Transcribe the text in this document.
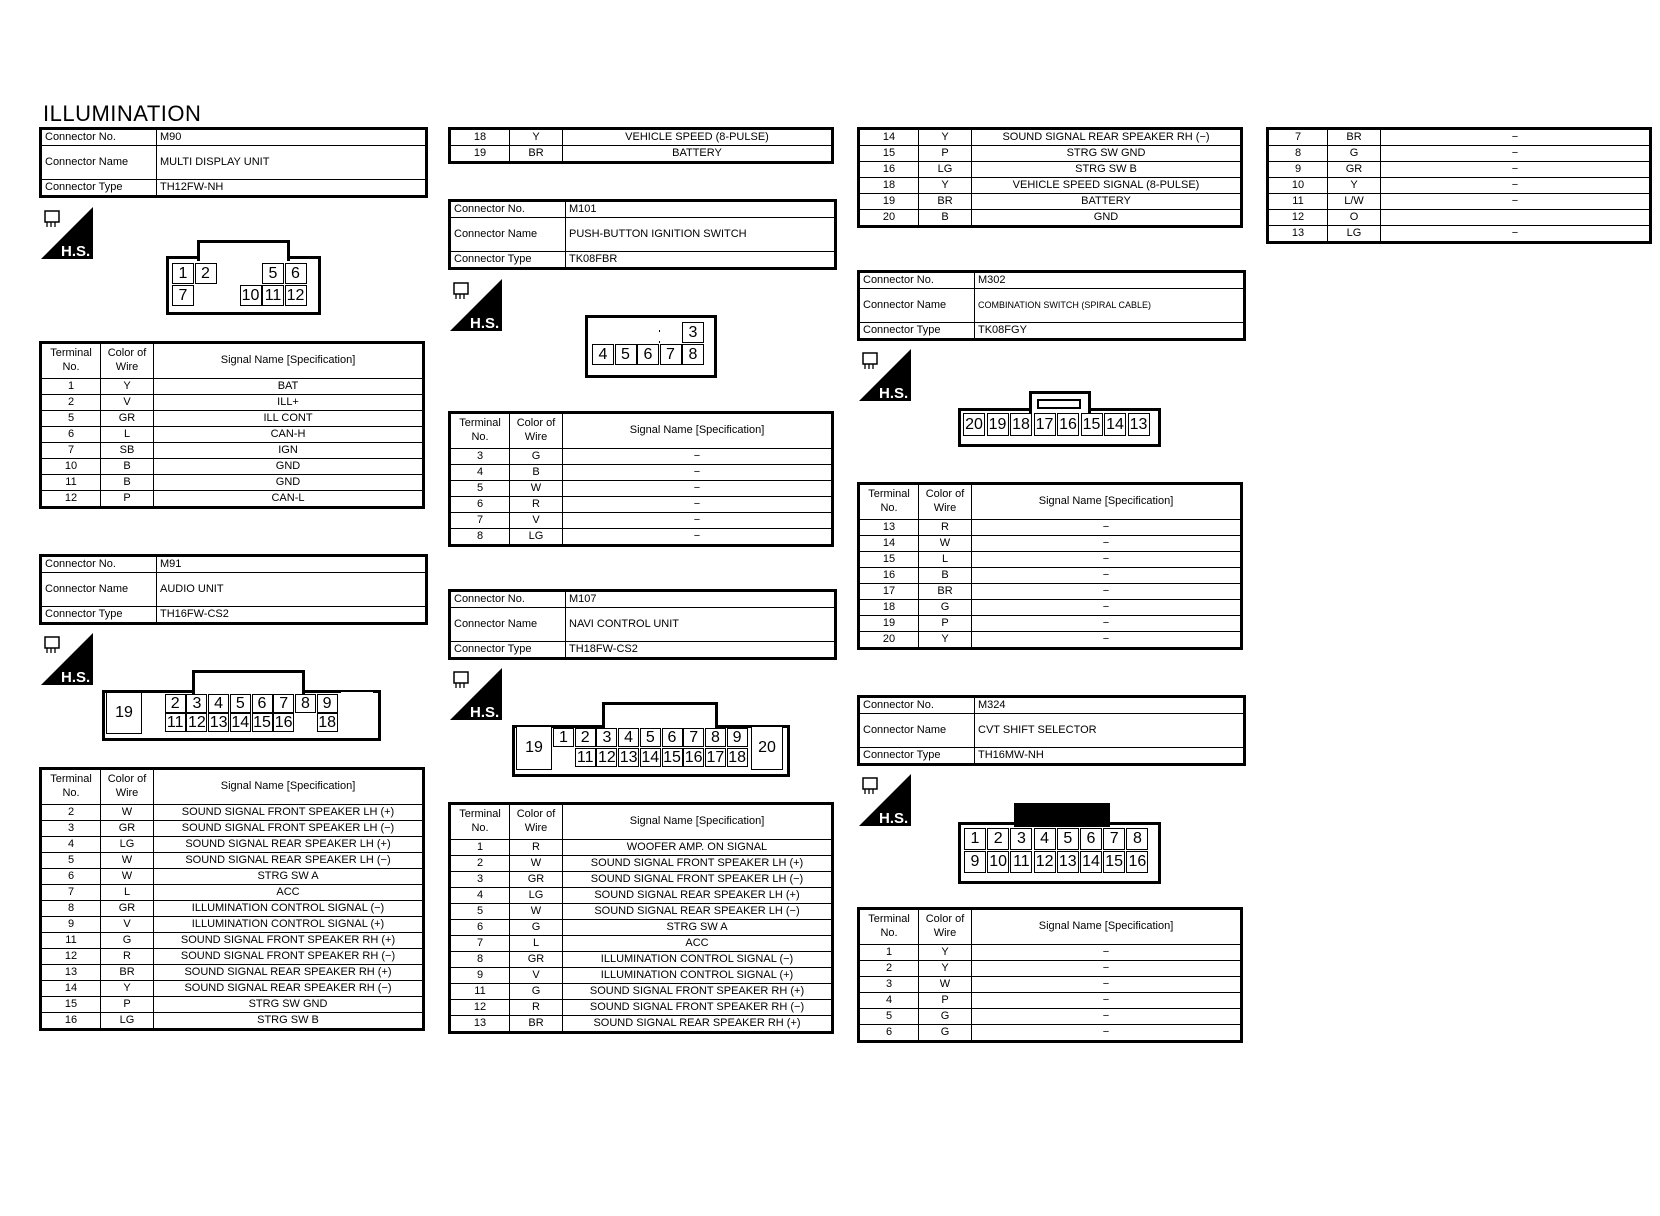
ILLUMINATION
Connector No.	M90
Connector Name	MULTI DISPLAY UNIT
Connector Type	TH12FW-NH
H.S.
1 2	5 6
7	10 11 12
Terminal No.	Color of Wire	Signal Name [Specification]
1	Y	BAT
2	V	ILL+
5	GR	ILL CONT
6	L	CAN-H
7	SB	IGN
10	B	GND
11	B	GND
12	P	CAN-L
Connector No.	M91
Connector Name	AUDIO UNIT
Connector Type	TH16FW-CS2
H.S.
19
2 3 4 5 6 7 8 9
11 12 13 14 15 16 18
Terminal No.	Color of Wire	Signal Name [Specification]
2	W	SOUND SIGNAL FRONT SPEAKER LH (+)
3	GR	SOUND SIGNAL FRONT SPEAKER LH (−)
4	LG	SOUND SIGNAL REAR SPEAKER LH (+)
5	W	SOUND SIGNAL REAR SPEAKER LH (−)
6	W	STRG SW A
7	L	ACC
8	GR	ILLUMINATION CONTROL SIGNAL (−)
9	V	ILLUMINATION CONTROL SIGNAL (+)
11	G	SOUND SIGNAL FRONT SPEAKER RH (+)
12	R	SOUND SIGNAL FRONT SPEAKER RH (−)
13	BR	SOUND SIGNAL REAR SPEAKER RH (+)
14	Y	SOUND SIGNAL REAR SPEAKER RH (−)
15	P	STRG SW GND
16	LG	STRG SW B
18	Y	VEHICLE SPEED (8-PULSE)
19	BR	BATTERY
Connector No.	M101
Connector Name	PUSH-BUTTON IGNITION SWITCH
Connector Type	TK08FBR
H.S.	3
4 5 6 7 8
Terminal No.	Color of Wire	Signal Name [Specification]
3	G	−
4	B	−
5	W	−
6	R	−
7	V	−
8	LG	−
Connector No.	M107
Connector Name	NAVI CONTROL UNIT
Connector Type	TH18FW-CS2
H.S.
19
1 2 3 4 5 6 7 8 9
11 12 13 14 15 16 17 18
20
Terminal No.	Color of Wire	Signal Name [Specification]
1	R	WOOFER AMP. ON SIGNAL
2	W	SOUND SIGNAL FRONT SPEAKER LH (+)
3	GR	SOUND SIGNAL FRONT SPEAKER LH (−)
4	LG	SOUND SIGNAL REAR SPEAKER LH (+)
5	W	SOUND SIGNAL REAR SPEAKER LH (−)
6	G	STRG SW A
7	L	ACC
8	GR	ILLUMINATION CONTROL SIGNAL (−)
9	V	ILLUMINATION CONTROL SIGNAL (+)
11	G	SOUND SIGNAL FRONT SPEAKER RH (+)
12	R	SOUND SIGNAL FRONT SPEAKER RH (−)
13	BR	SOUND SIGNAL REAR SPEAKER RH (+)
14	Y	SOUND SIGNAL REAR SPEAKER RH (−)
15	P	STRG SW GND
16	LG	STRG SW B
18	Y	VEHICLE SPEED SIGNAL (8-PULSE)
19	BR	BATTERY
20	B	GND
Connector No.	M302
Connector Name	COMBINATION SWITCH (SPIRAL CABLE)
Connector Type	TK08FGY
H.S.
20 19 18 17 16 15 14 13
Terminal No.	Color of Wire	Signal Name [Specification]
13	R	−
14	W	−
15	L	−
16	B	−
17	BR	−
18	G	−
19	P	−
20	Y	−
Connector No.	M324
Connector Name	CVT SHIFT SELECTOR
Connector Type	TH16MW-NH
H.S.
1 2 3 4 5 6 7 8
9 10 11 12 13 14 15 16
Terminal No.	Color of Wire	Signal Name [Specification]
1	Y	−
2	Y	−
3	W	−
4	P	−
5	G	−
6	G	−
7	BR	−
8	G	−
9	GR	−
10	Y	−
11	L/W	−
12	O	
13	LG	−
